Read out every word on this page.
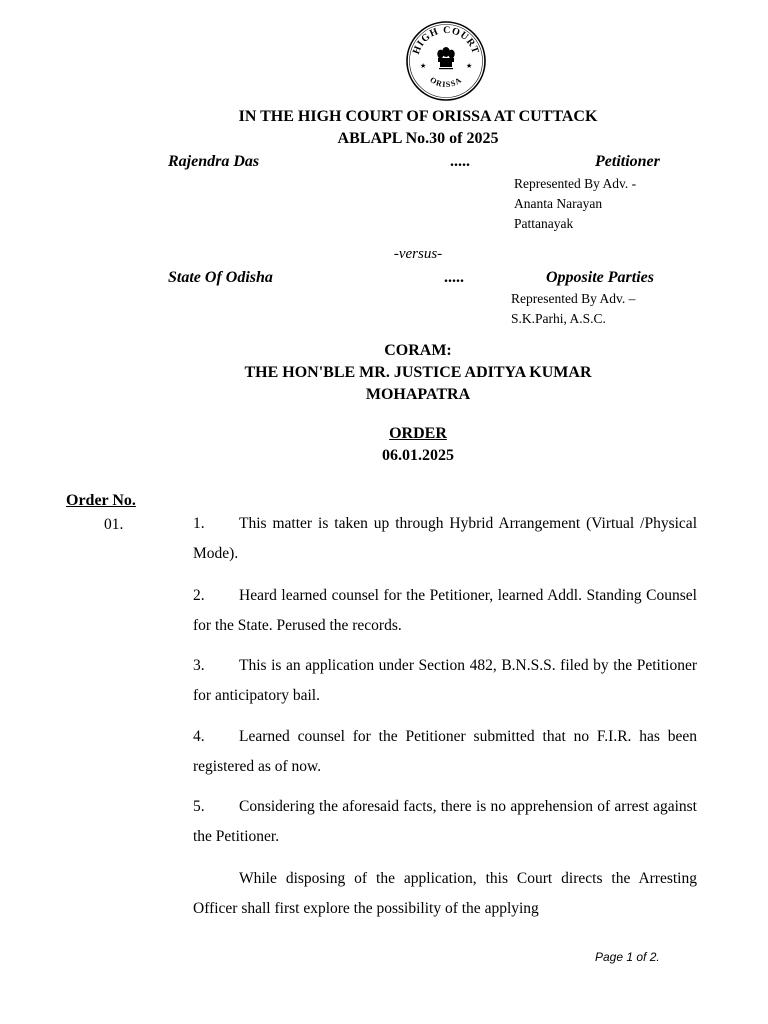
HIGH COURT
ORISSA
★	★
IN THE HIGH COURT OF ORISSA AT CUTTACK
ABLAPL No.30 of 2025
Rajendra Das	.....	Petitioner
Represented By Adv. -
Ananta Narayan
Pattanayak
-versus-
State Of Odisha	.....	Opposite Parties
Represented By Adv. –
S.K.Parhi, A.S.C.
CORAM:
THE HON'BLE MR. JUSTICE ADITYA KUMAR
MOHAPATRA
ORDER
06.01.2025
Order No.
01.	1. This matter is taken up through Hybrid Arrangement (Virtual /Physical Mode).
2. Heard learned counsel for the Petitioner, learned Addl. Standing Counsel for the State. Perused the records.
3. This is an application under Section 482, B.N.S.S. filed by the Petitioner for anticipatory bail.
4. Learned counsel for the Petitioner submitted that no F.I.R. has been registered as of now.
5. Considering the aforesaid facts, there is no apprehension of arrest against the Petitioner.
While disposing of the application, this Court directs the Arresting Officer shall first explore the possibility of the applying
Page 1 of 2.
